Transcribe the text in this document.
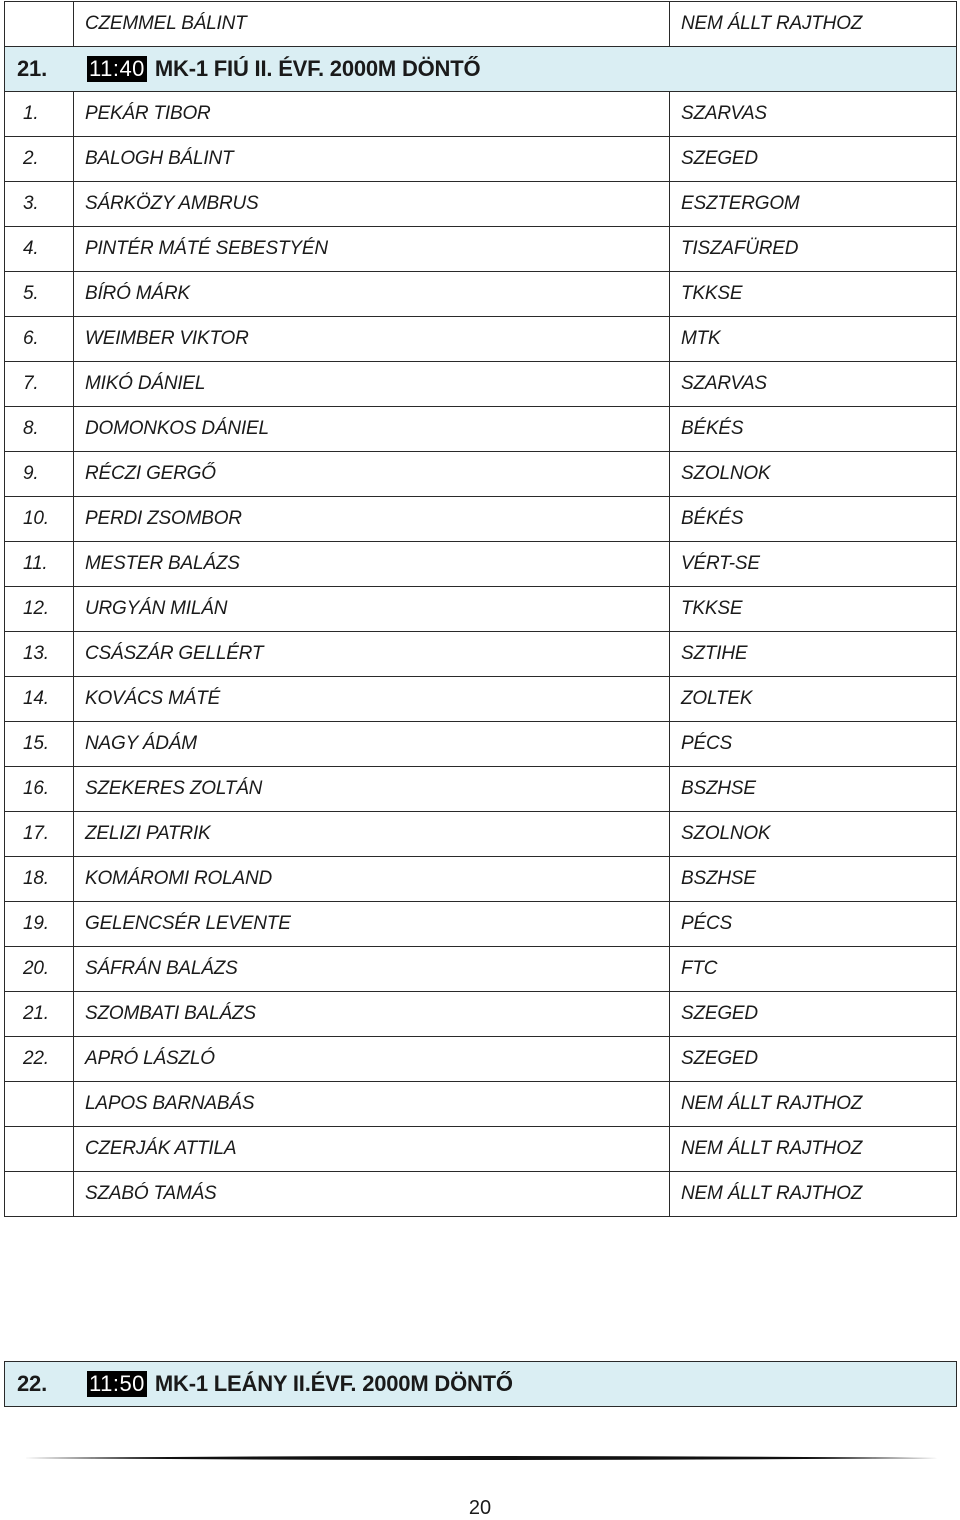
	CZEMMEL BÁLINT	NEM ÁLLT RAJTHOZ
21. 11:40 MK-1 FIÚ II. ÉVF. 2000M DÖNTŐ		
1.	PEKÁR TIBOR	SZARVAS
2.	BALOGH BÁLINT	SZEGED
3.	SÁRKÖZY AMBRUS	ESZTERGOM
4.	PINTÉR MÁTÉ SEBESTYÉN	TISZAFÜRED
5.	BÍRÓ MÁRK	TKKSE
6.	WEIMBER VIKTOR	MTK
7.	MIKÓ DÁNIEL	SZARVAS
8.	DOMONKOS DÁNIEL	BÉKÉS
9.	RÉCZI GERGŐ	SZOLNOK
10.	PERDI ZSOMBOR	BÉKÉS
11.	MESTER BALÁZS	VÉRT-SE
12.	URGYÁN MILÁN	TKKSE
13.	CSÁSZÁR GELLÉRT	SZTIHE
14.	KOVÁCS MÁTÉ	ZOLTEK
15.	NAGY ÁDÁM	PÉCS
16.	SZEKERES ZOLTÁN	BSZHSE
17.	ZELIZI PATRIK	SZOLNOK
18.	KOMÁROMI ROLAND	BSZHSE
19.	GELENCSÉR LEVENTE	PÉCS
20.	SÁFRÁN BALÁZS	FTC
21.	SZOMBATI BALÁZS	SZEGED
22.	APRÓ LÁSZLÓ	SZEGED
	LAPOS BARNABÁS	NEM ÁLLT RAJTHOZ
	CZERJÁK ATTILA	NEM ÁLLT RAJTHOZ
	SZABÓ TAMÁS	NEM ÁLLT RAJTHOZ
22. 11:50 MK-1 LEÁNY II.ÉVF. 2000M DÖNTŐ
20
